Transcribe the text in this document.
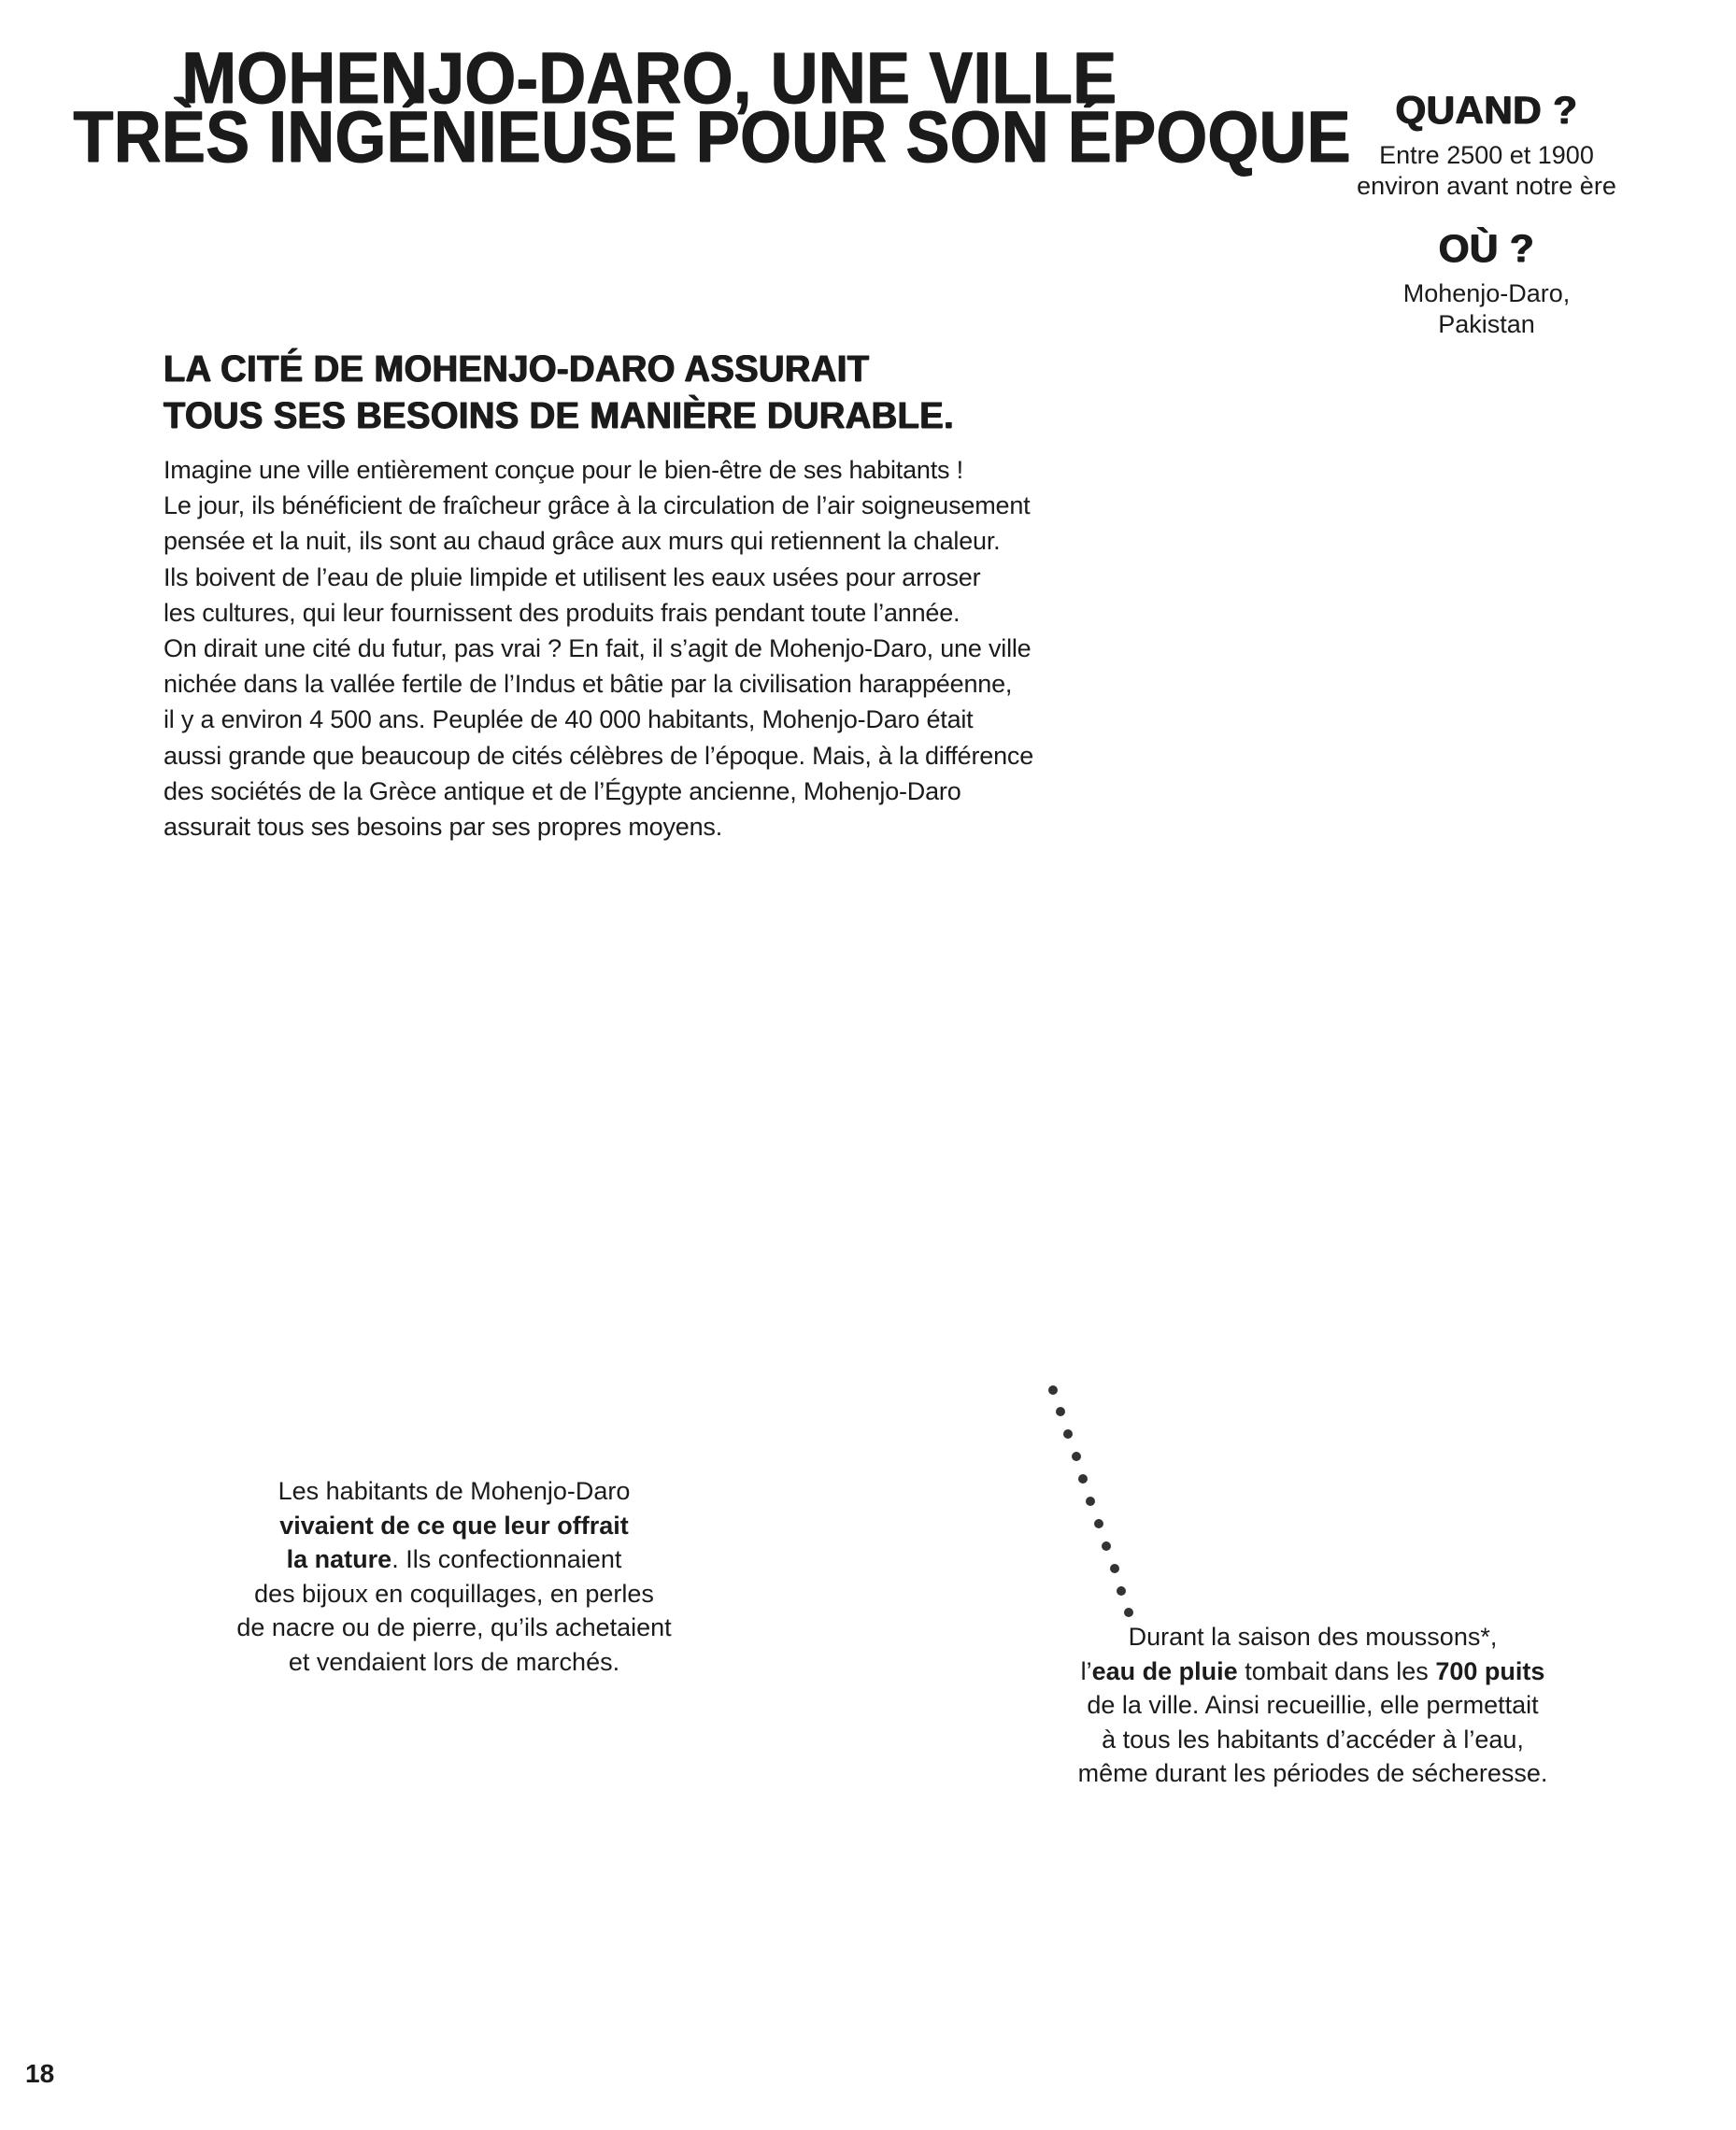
MOHENJO-DARO, UNE VILLE
TRÈS INGÉNIEUSE POUR SON ÉPOQUE	QUAND ?
Entre 2500 et 1900
environ avant notre ère
OÙ ?
Mohenjo-Daro,
Pakistan
LA CITÉ DE MOHENJO-DARO ASSURAIT
TOUS SES BESOINS DE MANIÈRE DURABLE.
Imagine une ville entièrement conçue pour le bien-être de ses habitants !
Le jour, ils bénéficient de fraîcheur grâce à la circulation de l’air soigneusement
pensée et la nuit, ils sont au chaud grâce aux murs qui retiennent la chaleur.
Ils boivent de l’eau de pluie limpide et utilisent les eaux usées pour arroser
les cultures, qui leur fournissent des produits frais pendant toute l’année.
On dirait une cité du futur, pas vrai ? En fait, il s’agit de Mohenjo-Daro, une ville
nichée dans la vallée fertile de l’Indus et bâtie par la civilisation harappéenne,
il y a environ 4 500 ans. Peuplée de 40 000 habitants, Mohenjo-Daro était
aussi grande que beaucoup de cités célèbres de l’époque. Mais, à la différence
des sociétés de la Grèce antique et de l’Égypte ancienne, Mohenjo-Daro
assurait tous ses besoins par ses propres moyens.
Les habitants de Mohenjo-Daro
vivaient de ce que leur offrait
la nature. Ils confectionnaient
des bijoux en coquillages, en perles
de nacre ou de pierre, qu’ils achetaient
et vendaient lors de marchés.
Durant la saison des moussons*,
l’eau de pluie tombait dans les 700 puits
de la ville. Ainsi recueillie, elle permettait
à tous les habitants d’accéder à l’eau,
même durant les périodes de sécheresse.
18
